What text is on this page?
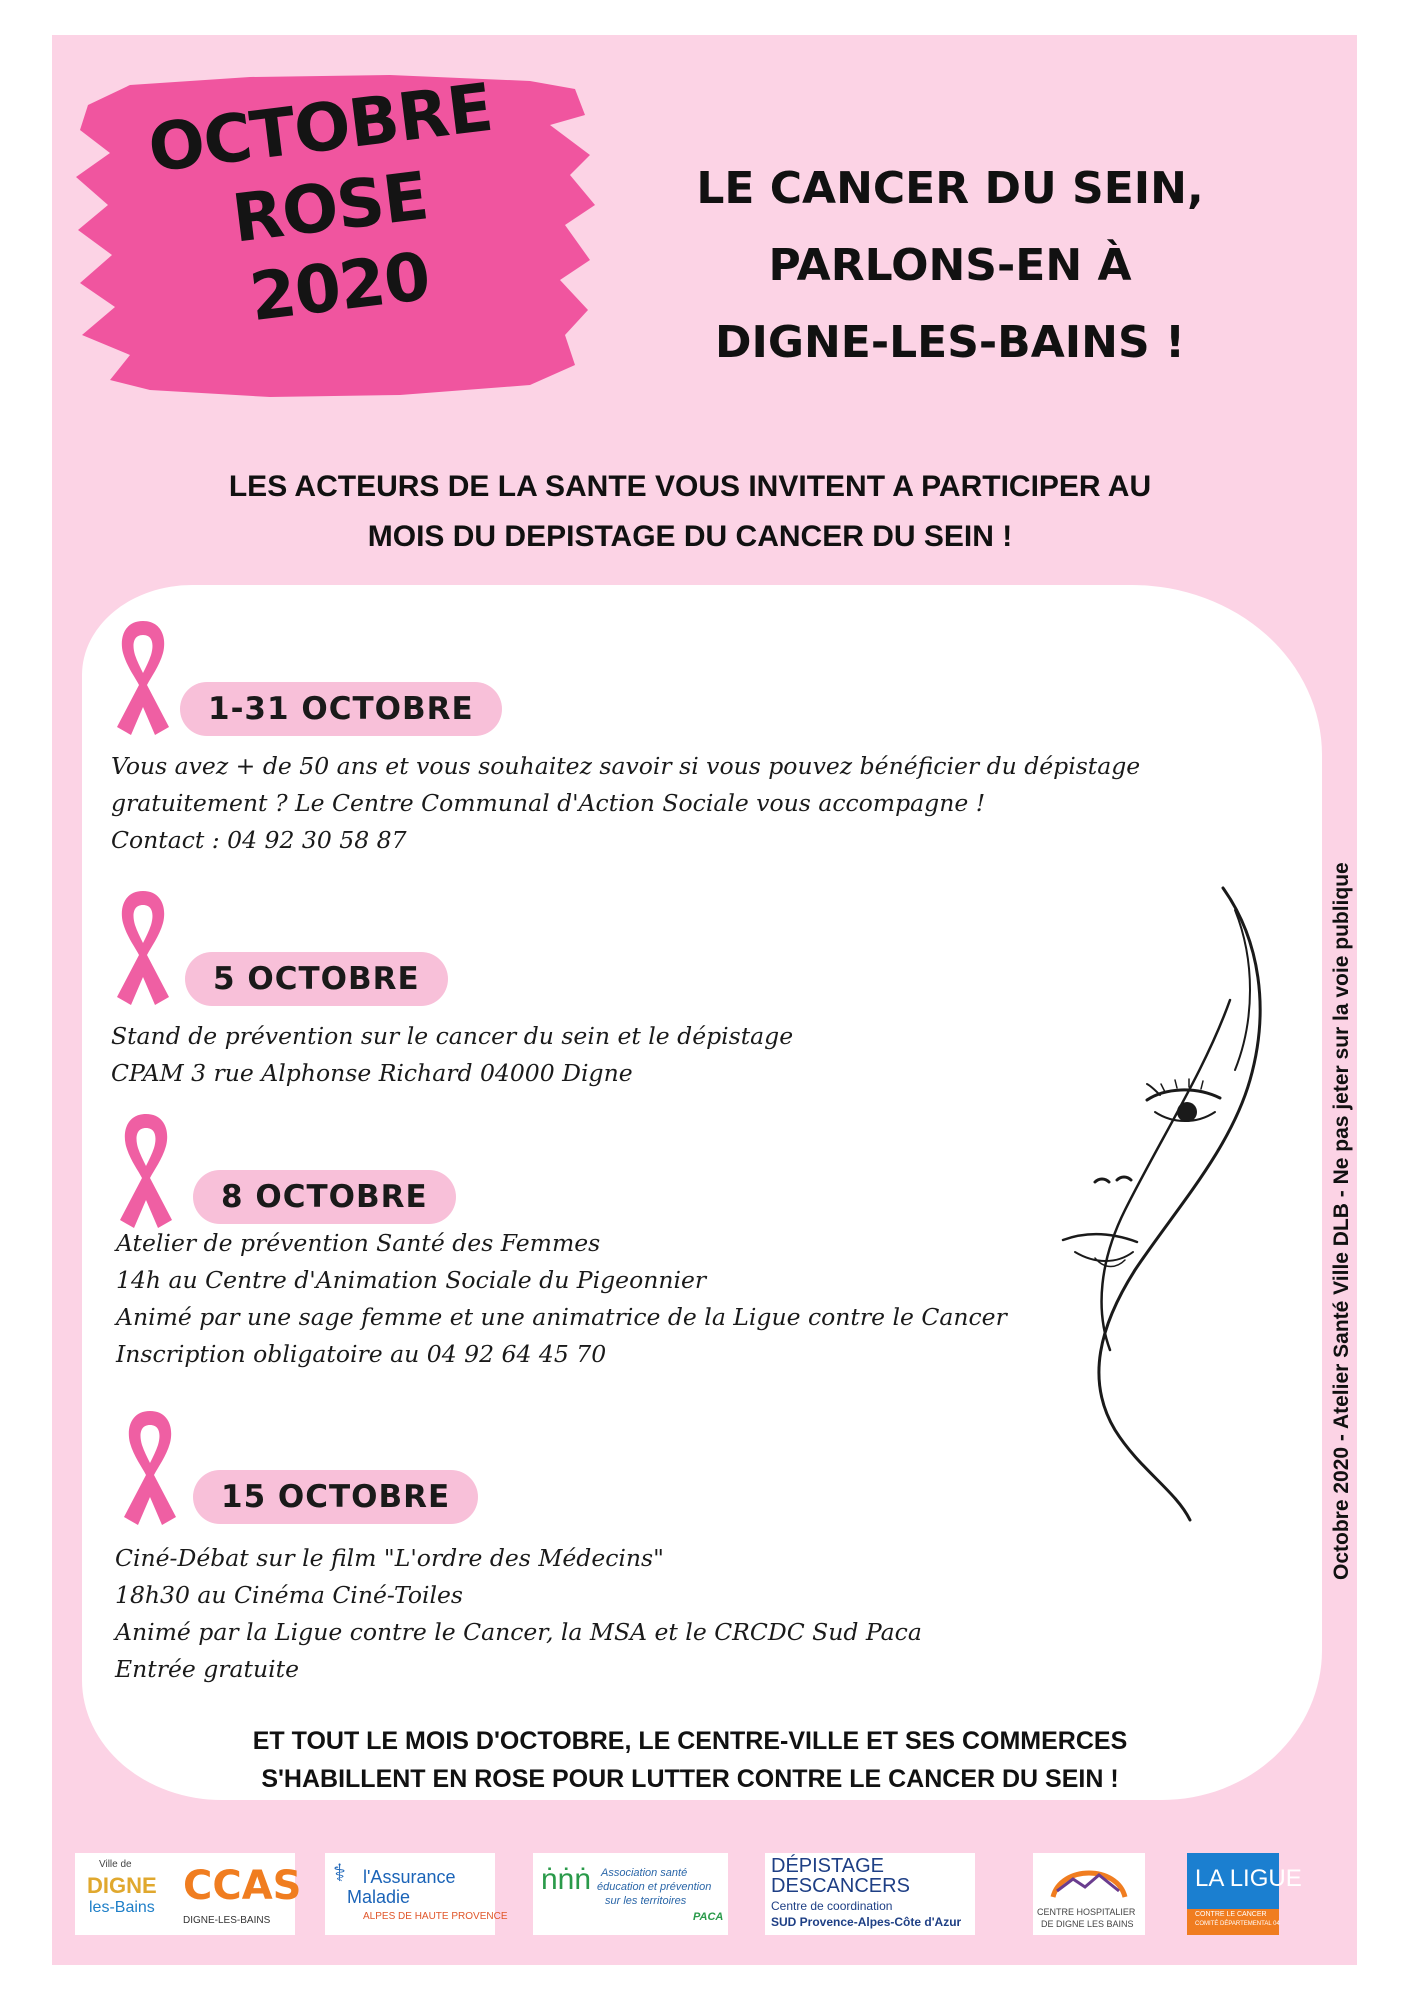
OCTOBRE
ROSE
2020
LE CANCER DU SEIN,
PARLONS-EN À
DIGNE-LES-BAINS !
LES ACTEURS DE LA SANTE VOUS INVITENT A PARTICIPER AU
MOIS DU DEPISTAGE DU CANCER DU SEIN !
1-31 OCTOBRE
Vous avez + de 50 ans et vous souhaitez savoir si vous pouvez bénéficier du dépistage
gratuitement ? Le Centre Communal d'Action Sociale vous accompagne !
Contact : 04 92 30 58 87
5 OCTOBRE
Stand de prévention sur le cancer du sein et le dépistage
CPAM 3 rue Alphonse Richard 04000 Digne
8 OCTOBRE
Atelier de prévention Santé des Femmes
14h au Centre d'Animation Sociale du Pigeonnier
Animé par une sage femme et une animatrice de la Ligue contre le Cancer
Inscription obligatoire au 04 92 64 45 70
15 OCTOBRE
Ciné-Débat sur le film "L'ordre des Médecins"
18h30 au Cinéma Ciné-Toiles
Animé par la Ligue contre le Cancer, la MSA et le CRCDC Sud Paca
Entrée gratuite
ET TOUT LE MOIS D'OCTOBRE, LE CENTRE-VILLE ET SES COMMERCES
S'HABILLENT EN ROSE POUR LUTTER CONTRE LE CANCER DU SEIN !
Octobre 2020 - Atelier Santé Ville DLB - Ne pas jeter sur la voie publique
Ville de
DIGNE
les-Bains CCAS
DIGNE-LES-BAINS
⚕ l'Assurance
Maladie
ALPES DE HAUTE PROVENCE
ṅṅṅ Association santé
éducation et prévention
sur les territoires
PACA
DÉPISTAGE
DESCANCERS
Centre de coordination
SUD Provence-Alpes-Côte d'Azur
CENTRE HOSPITALIER
DE DIGNE LES BAINS
LA LIGUE
CONTRE LE CANCER
COMITÉ DÉPARTEMENTAL 04
